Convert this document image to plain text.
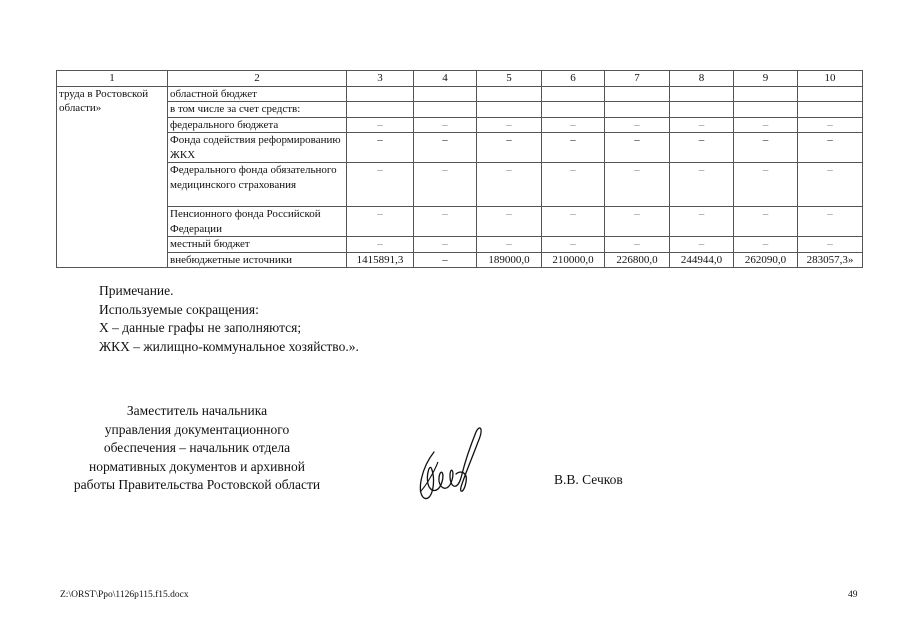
1	2	3	4	5	6	7	8	9	10
труда в Ростовской области»	областной бюджет								
	в том числе за счет средств:								
	федерального бюджета	–	–	–	–	–	–	–	–
	Фонда содействия реформированию ЖКХ	–	–	–	–	–	–	–	–
	Федерального фонда обязательного медицинского страхования	–	–	–	–	–	–	–	–
	Пенсионного фонда Российской Федерации	–	–	–	–	–	–	–	–
	местный бюджет	–	–	–	–	–	–	–	–
	внебюджетные источники	1415891,3	–	189000,0	210000,0	226800,0	244944,0	262090,0	283057,3»
Примечание.
Используемые сокращения:
Х – данные графы не заполняются;
ЖКХ – жилищно-коммунальное хозяйство.».
Заместитель начальника
управления документационного
обеспечения – начальник отдела
нормативных документов и архивной
работы Правительства Ростовской области	В.В. Сечков
Z:\ORST\Ppo\1126p115.f15.docx	49
